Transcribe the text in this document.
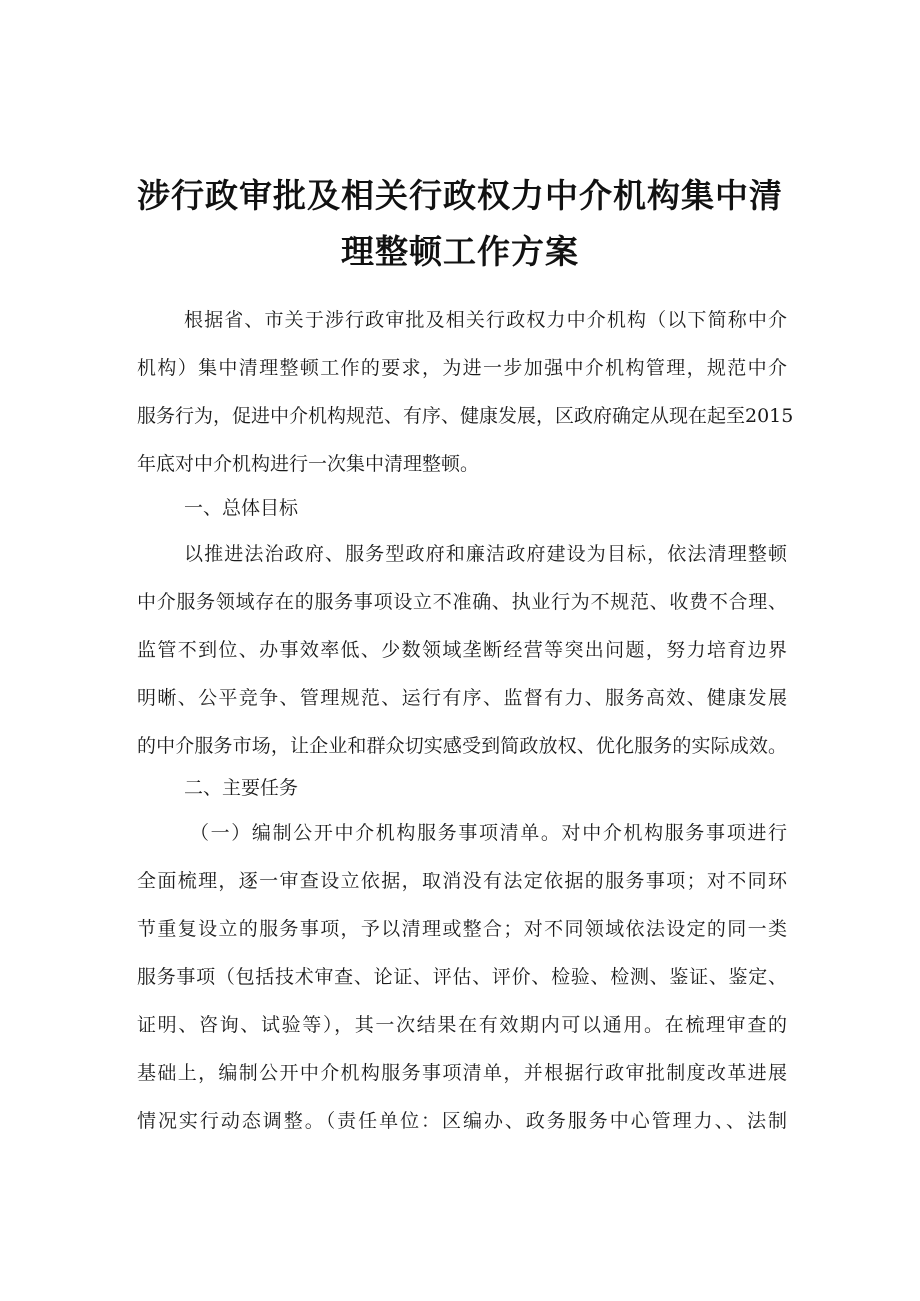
涉行政审批及相关行政权力中介机构集中清
理整顿工作方案
根据省、市关于涉行政审批及相关行政权力中介机构（以下简称中介
机构）集中清理整顿工作的要求，为进一步加强中介机构管理，规范中介
服务行为，促进中介机构规范、有序、健康发展，区政府确定从现在起至2015
年底对中介机构进行一次集中清理整顿。
一、总体目标
以推进法治政府、服务型政府和廉洁政府建设为目标，依法清理整顿
中介服务领域存在的服务事项设立不准确、执业行为不规范、收费不合理、
监管不到位、办事效率低、少数领域垄断经营等突出问题，努力培育边界
明晰、公平竞争、管理规范、运行有序、监督有力、服务高效、健康发展
的中介服务市场，让企业和群众切实感受到简政放权、优化服务的实际成效。
二、主要任务
（一）编制公开中介机构服务事项清单。对中介机构服务事项进行
全面梳理，逐一审查设立依据，取消没有法定依据的服务事项；对不同环
节重复设立的服务事项，予以清理或整合；对不同领域依法设定的同一类
服务事项（包括技术审查、论证、评估、评价、检验、检测、鉴证、鉴定、
证明、咨询、试验等），其一次结果在有效期内可以通用。在梳理审查的
基础上，编制公开中介机构服务事项清单，并根据行政审批制度改革进展
情况实行动态调整。（责任单位：区编办、政务服务中心管理力、、法制
